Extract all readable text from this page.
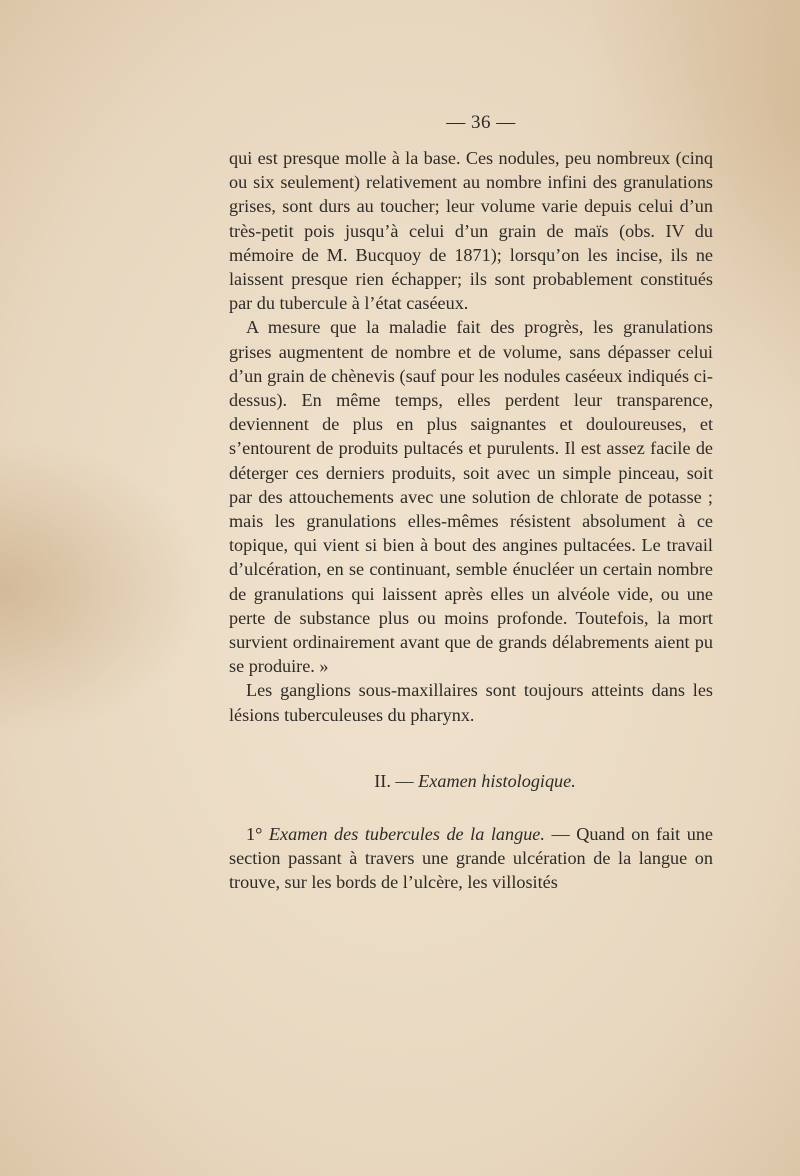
— 36 —

qui est presque molle à la base. Ces nodules, peu nombreux (cinq ou six seulement) relativement au nombre infini des granulations grises, sont durs au toucher; leur volume varie depuis celui d’un très-petit pois jusqu’à celui d’un grain de maïs (obs. IV du mémoire de M. Bucquoy de 1871); lorsqu’on les incise, ils ne laissent presque rien échapper; ils sont probablement constitués par du tubercule à l’état caséeux.

A mesure que la maladie fait des progrès, les granulations grises augmentent de nombre et de volume, sans dépasser celui d’un grain de chènevis (sauf pour les nodules caséeux indiqués ci-dessus). En même temps, elles perdent leur transparence, deviennent de plus en plus saignantes et douloureuses, et s’entourent de produits pultacés et purulents. Il est assez facile de déterger ces derniers produits, soit avec un simple pinceau, soit par des attouchements avec une solution de chlorate de potasse ; mais les granulations elles-mêmes résistent absolument à ce topique, qui vient si bien à bout des angines pultacées. Le travail d’ulcération, en se continuant, semble énucléer un certain nombre de granulations qui laissent après elles un alvéole vide, ou une perte de substance plus ou moins profonde. Toutefois, la mort survient ordinairement avant que de grands délabrements aient pu se produire. »

Les ganglions sous-maxillaires sont toujours atteints dans les lésions tuberculeuses du pharynx.

II. — Examen histologique.

1° Examen des tubercules de la langue. — Quand on fait une section passant à travers une grande ulcération de la langue on trouve, sur les bords de l’ulcère, les villosités
